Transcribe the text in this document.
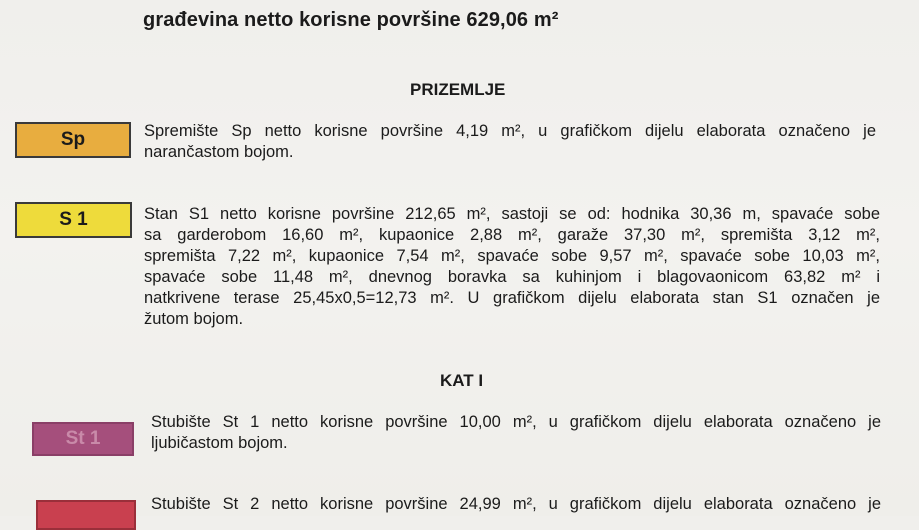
građevina netto korisne površine 629,06 m²
PRIZEMLJE
Sp	Spremište Sp netto korisne površine 4,19 m², u grafičkom dijelu elaborata označeno je
narančastom bojom.
S 1	Stan S1 netto korisne površine 212,65 m², sastoji se od: hodnika 30,36 m, spavaće sobe
sa garderobom 16,60 m², kupaonice 2,88 m², garaže 37,30 m², spremišta 3,12 m²,
spremišta 7,22 m², kupaonice 7,54 m², spavaće sobe 9,57 m², spavaće sobe 10,03 m²,
spavaće sobe 11,48 m², dnevnog boravka sa kuhinjom i blagovaonicom 63,82 m² i
natkrivene terase 25,45x0,5=12,73 m². U grafičkom dijelu elaborata stan S1 označen je
žutom bojom.
KAT I
St 1
Stubište St 1 netto korisne površine 10,00 m², u grafičkom dijelu elaborata označeno je
ljubičastom bojom.
Stubište St 2 netto korisne površine 24,99 m², u grafičkom dijelu elaborata označeno je
